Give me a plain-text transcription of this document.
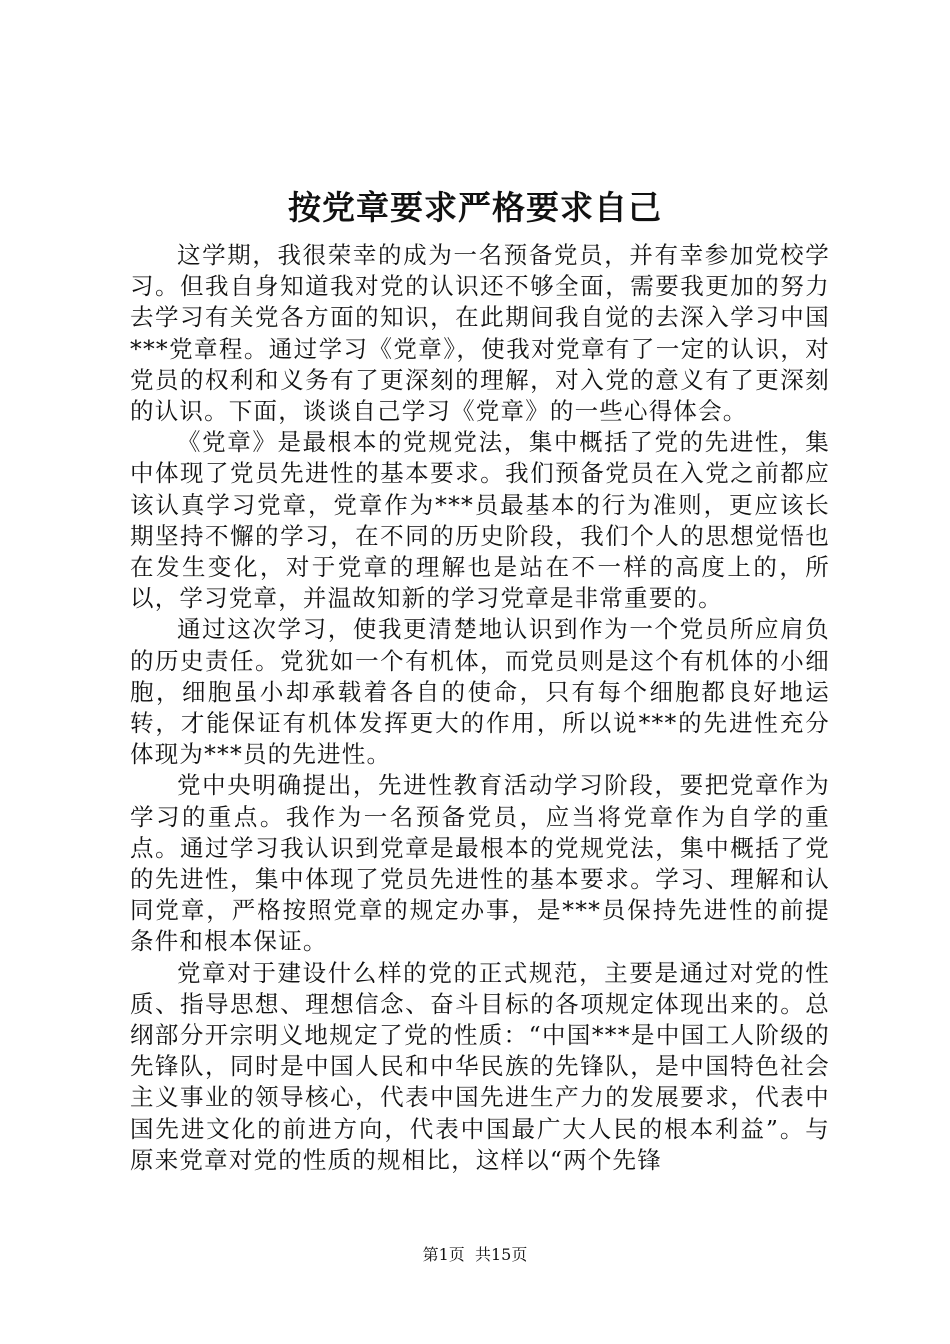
按党章要求严格要求自己

这学期，我很荣幸的成为一名预备党员，并有幸参加党校学习。但我自身知道我对党的认识还不够全面，需要我更加的努力去学习有关党各方面的知识，在此期间我自觉的去深入学习中国***党章程。通过学习《党章》，使我对党章有了一定的认识，对党员的权利和义务有了更深刻的理解，对入党的意义有了更深刻的认识。下面，谈谈自己学习《党章》的一些心得体会。

《党章》是最根本的党规党法，集中概括了党的先进性，集中体现了党员先进性的基本要求。我们预备党员在入党之前都应该认真学习党章，党章作为***员最基本的行为准则，更应该长期坚持不懈的学习，在不同的历史阶段，我们个人的思想觉悟也在发生变化，对于党章的理解也是站在不一样的高度上的，所以，学习党章，并温故知新的学习党章是非常重要的。

通过这次学习，使我更清楚地认识到作为一个党员所应肩负的历史责任。党犹如一个有机体，而党员则是这个有机体的小细胞，细胞虽小却承载着各自的使命，只有每个细胞都良好地运转，才能保证有机体发挥更大的作用，所以说***的先进性充分体现为***员的先进性。

党中央明确提出，先进性教育活动学习阶段，要把党章作为学习的重点。我作为一名预备党员，应当将党章作为自学的重点。通过学习我认识到党章是最根本的党规党法，集中概括了党的先进性，集中体现了党员先进性的基本要求。学习、理解和认同党章，严格按照党章的规定办事，是***员保持先进性的前提条件和根本保证。

党章对于建设什么样的党的正式规范，主要是通过对党的性质、指导思想、理想信念、奋斗目标的各项规定体现出来的。总纲部分开宗明义地规定了党的性质：“中国***是中国工人阶级的先锋队，同时是中国人民和中华民族的先锋队，是中国特色社会主义事业的领导核心，代表中国先进生产力的发展要求，代表中国先进文化的前进方向，代表中国最广大人民的根本利益”。与原来党章对党的性质的规相比，这样以“两个先锋

第1页 共15页
